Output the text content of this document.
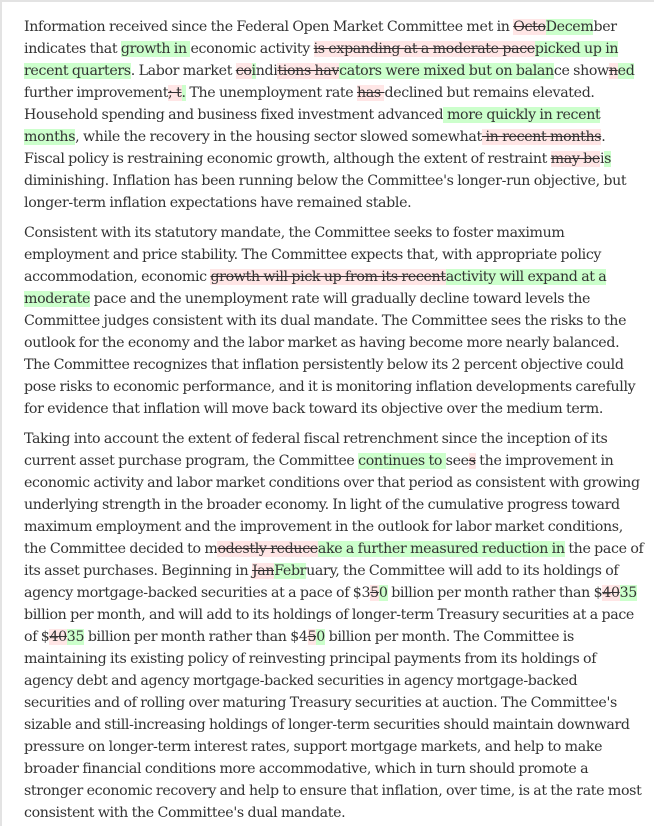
Information received since the Federal Open Market Committee met in OctoDecember indicates that growth in economic activity is expanding at a moderate pacepicked up in recent quarters. Labor market coinditions havcators were mixed but on balance showned further improvement; t. The unemployment rate has declined but remains elevated. Household spending and business fixed investment advanced more quickly in recent months, while the recovery in the housing sector slowed somewhat in recent months. Fiscal policy is restraining economic growth, although the extent of restraint may beis diminishing. Inflation has been running below the Committee's longer-run objective, but longer-term inflation expectations have remained stable.

Consistent with its statutory mandate, the Committee seeks to foster maximum employment and price stability. The Committee expects that, with appropriate policy accommodation, economic growth will pick up from its recentactivity will expand at a moderate pace and the unemployment rate will gradually decline toward levels the Committee judges consistent with its dual mandate. The Committee sees the risks to the outlook for the economy and the labor market as having become more nearly balanced. The Committee recognizes that inflation persistently below its 2 percent objective could pose risks to economic performance, and it is monitoring inflation developments carefully for evidence that inflation will move back toward its objective over the medium term.

Taking into account the extent of federal fiscal retrenchment since the inception of its current asset purchase program, the Committee continues to sees the improvement in economic activity and labor market conditions over that period as consistent with growing underlying strength in the broader economy. In light of the cumulative progress toward maximum employment and the improvement in the outlook for labor market conditions, the Committee decided to modestly reduceake a further measured reduction in the pace of its asset purchases. Beginning in JanFebruary, the Committee will add to its holdings of agency mortgage-backed securities at a pace of $350 billion per month rather than $4035 billion per month, and will add to its holdings of longer-term Treasury securities at a pace of $4035 billion per month rather than $450 billion per month. The Committee is maintaining its existing policy of reinvesting principal payments from its holdings of agency debt and agency mortgage-backed securities in agency mortgage-backed securities and of rolling over maturing Treasury securities at auction. The Committee's sizable and still-increasing holdings of longer-term securities should maintain downward pressure on longer-term interest rates, support mortgage markets, and help to make broader financial conditions more accommodative, which in turn should promote a stronger economic recovery and help to ensure that inflation, over time, is at the rate most consistent with the Committee's dual mandate.
